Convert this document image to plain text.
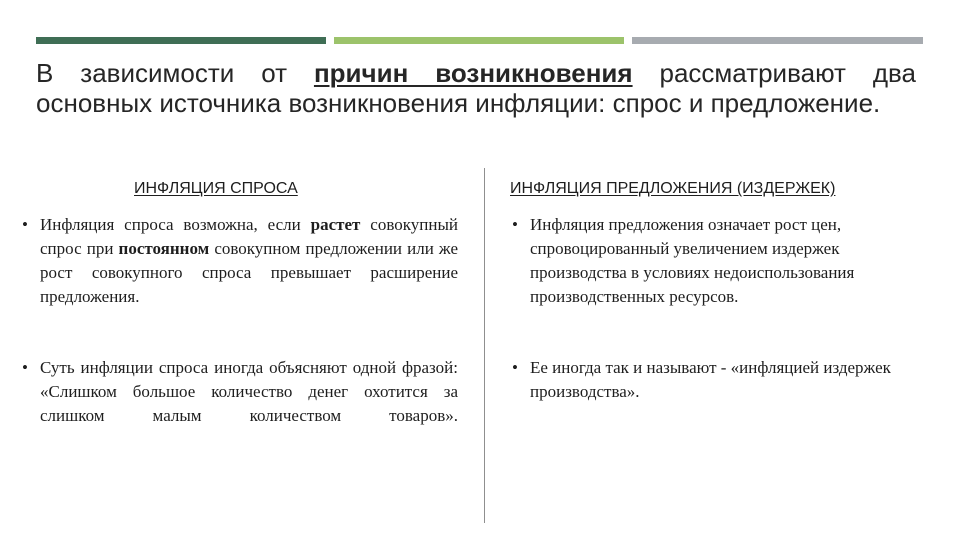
В зависимости от причин возникновения рассматривают два основных источника возникновения инфляции: спрос и предложение.
ИНФЛЯЦИЯ СПРОСА	ИНФЛЯЦИЯ ПРЕДЛОЖЕНИЯ (ИЗДЕРЖЕК)
• Инфляция спроса возможна, если растет совокупный спрос при постоянном совокупном предложении или же рост совокупного спроса превышает расширение предложения.
• Суть инфляции спроса иногда объясняют одной фразой: «Слишком большое количество денег охотится за слишком малым количеством товаров».
• Инфляция предложения означает рост цен, спровоцированный увеличением издержек производства в условиях недоиспользования производственных ресурсов.
• Ее иногда так и называют - «инфляцией издержек производства».
